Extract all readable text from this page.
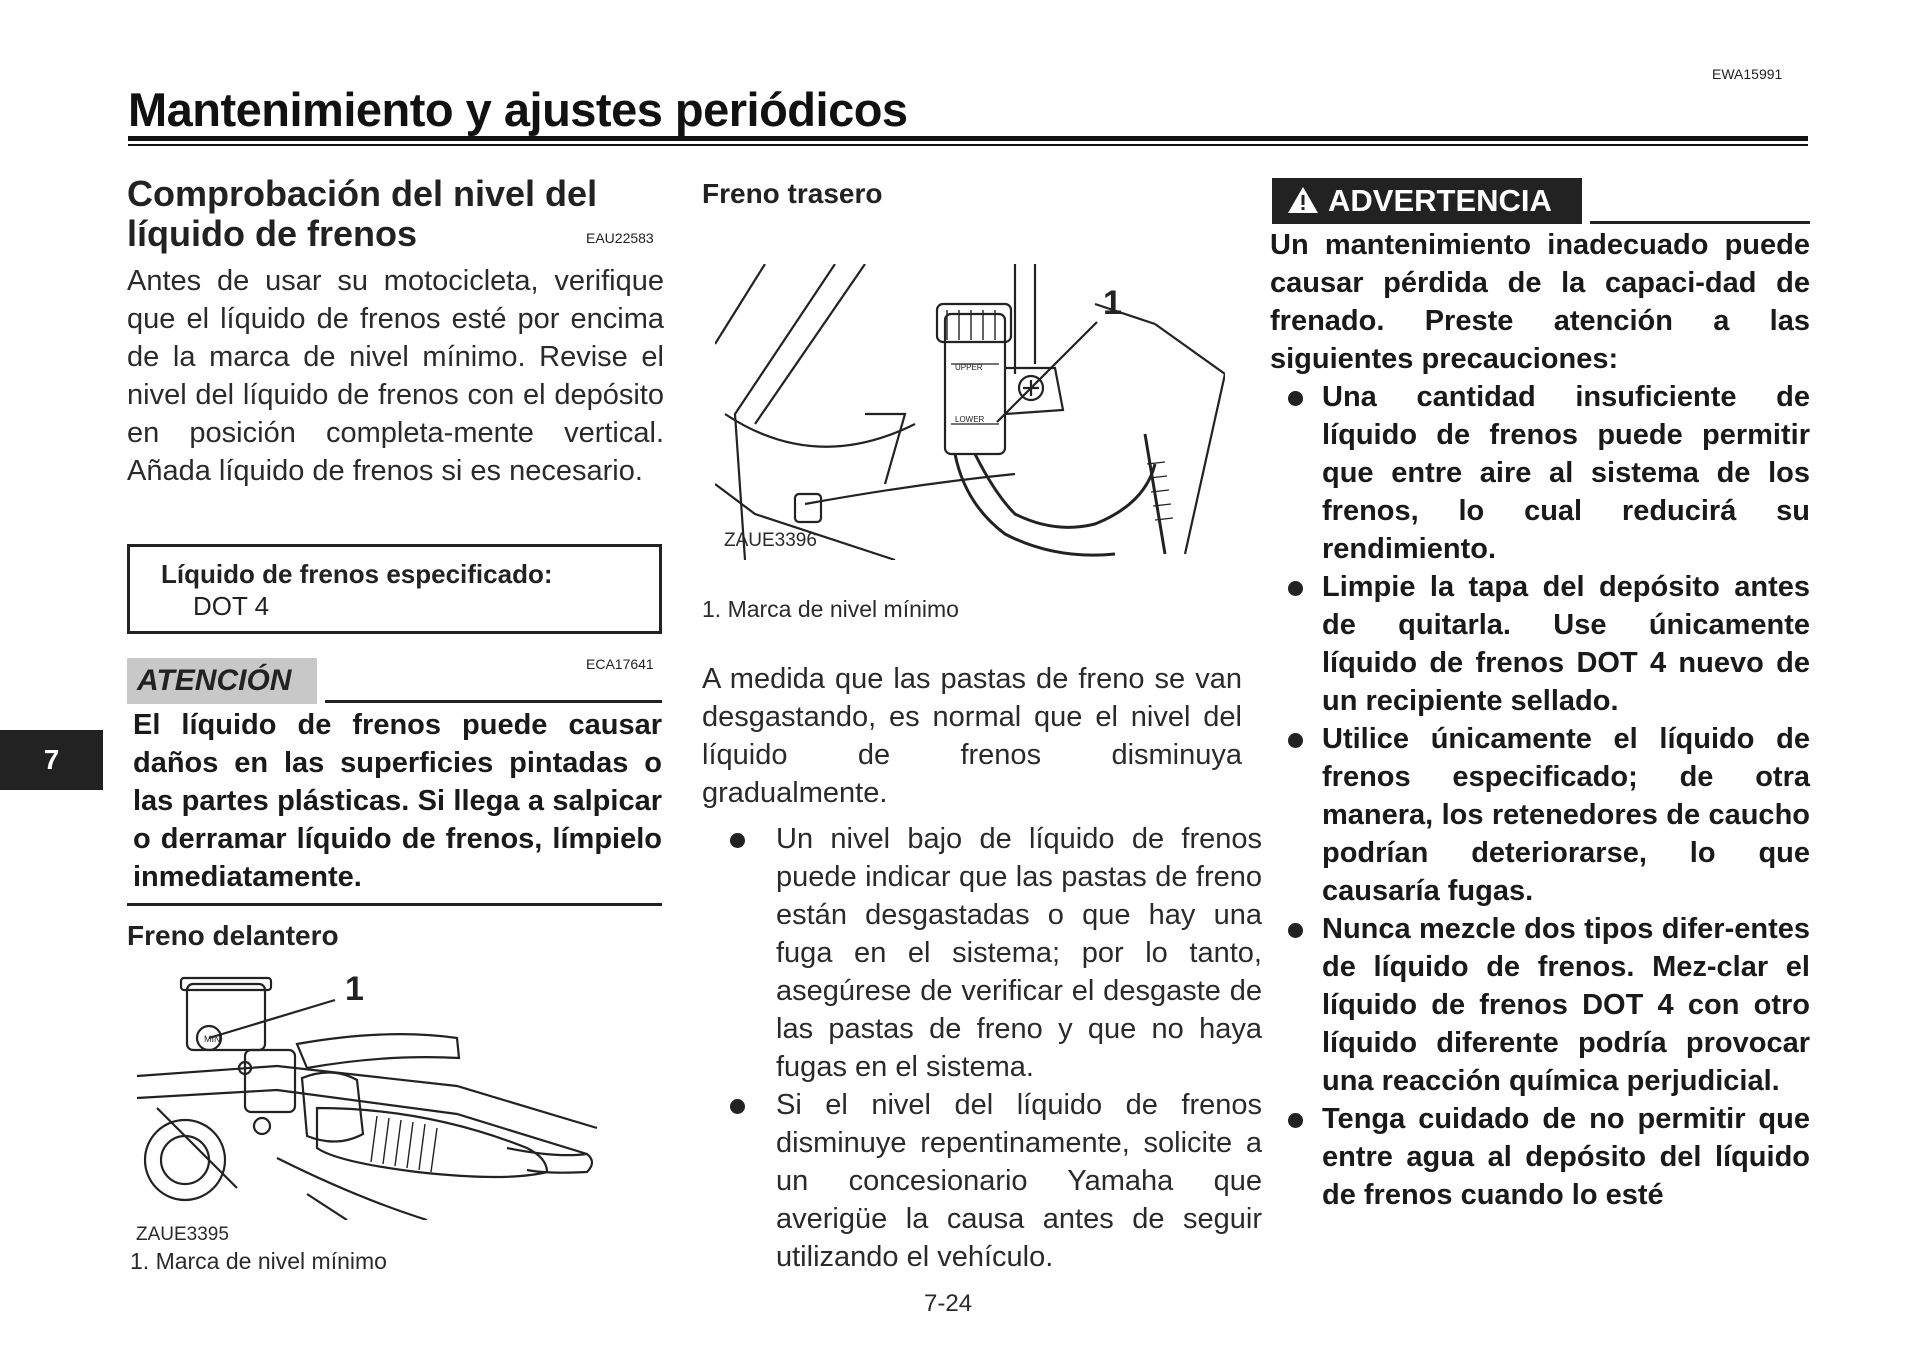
EWA15991
Mantenimiento y ajustes periódicos
7
Comprobación del nivel del
líquido de frenos	EAU22583
Antes de usar su motocicleta, verifique que el líquido de frenos esté por encima de la marca de nivel mínimo. Revise el nivel del líquido de frenos con el depósito en posición completa-mente vertical. Añada líquido de frenos si es necesario.
Líquido de frenos especificado:
DOT 4
ATENCIÓN	ECA17641
El líquido de frenos puede causar daños en las superficies pintadas o las partes plásticas. Si llega a salpicar o derramar líquido de frenos, límpielo inmediatamente.
Freno delantero
MIN
1
ZAUE3395
1. Marca de nivel mínimo
Freno trasero
UPPER
LOWER
1
ZAUE3396
1. Marca de nivel mínimo
A medida que las pastas de freno se van desgastando, es normal que el nivel del líquido de frenos disminuya gradualmente.
Un nivel bajo de líquido de frenos puede indicar que las pastas de freno están desgastadas o que hay una fuga en el sistema; por lo tanto, asegúrese de verificar el desgaste de las pastas de freno y que no haya fugas en el sistema.
Si el nivel del líquido de frenos disminuye repentinamente, solicite a un concesionario Yamaha que averigüe la causa antes de seguir utilizando el vehículo.
7-24
ADVERTENCIA
Un mantenimiento inadecuado puede causar pérdida de la capaci-dad de frenado. Preste atención a las siguientes precauciones:
Una cantidad insuficiente de líquido de frenos puede permitir que entre aire al sistema de los frenos, lo cual reducirá su rendimiento.
Limpie la tapa del depósito antes de quitarla. Use únicamente líquido de frenos DOT 4 nuevo de un recipiente sellado.
Utilice únicamente el líquido de frenos especificado; de otra manera, los retenedores de caucho podrían deteriorarse, lo que causaría fugas.
Nunca mezcle dos tipos difer-entes de líquido de frenos. Mez-clar el líquido de frenos DOT 4 con otro líquido diferente podría provocar una reacción química perjudicial.
Tenga cuidado de no permitir que entre agua al depósito del líquido de frenos cuando lo esté
